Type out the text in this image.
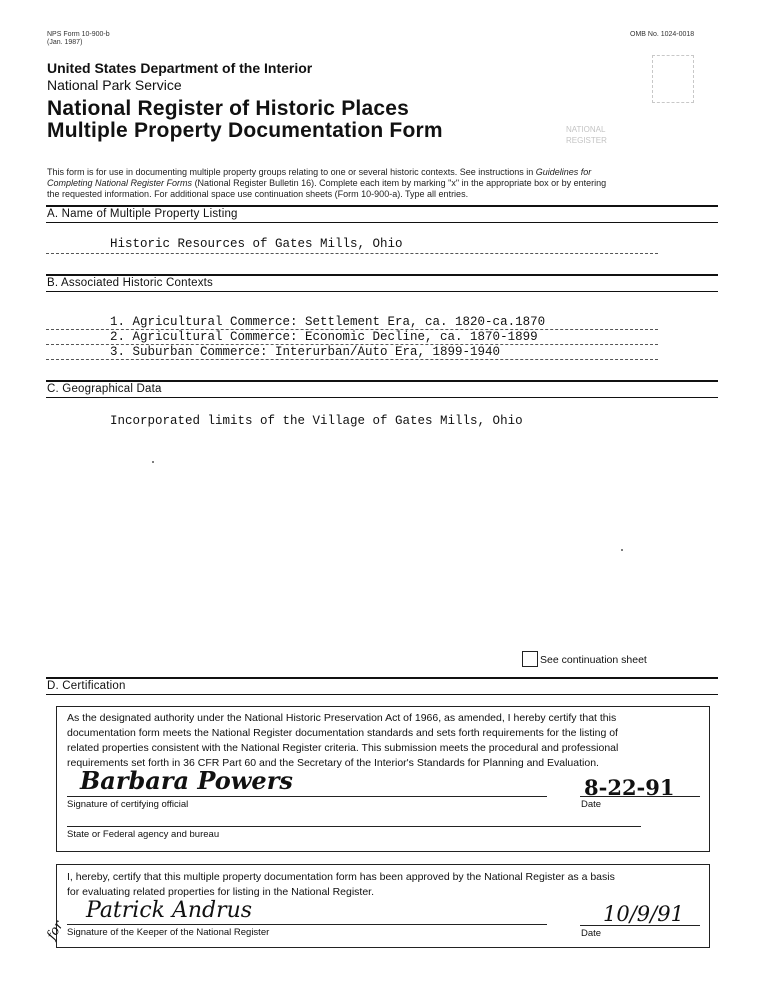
NPS Form 10-900-b
(Jan. 1987)
OMB No. 1024-0018
NATIONAL REGISTER
United States Department of the Interior
National Park Service
National Register of Historic Places
Multiple Property Documentation Form
This form is for use in documenting multiple property groups relating to one or several historic contexts. See instructions in Guidelines for
Completing National Register Forms (National Register Bulletin 16). Complete each item by marking "x" in the appropriate box or by entering
the requested information. For additional space use continuation sheets (Form 10-900-a). Type all entries.
A. Name of Multiple Property Listing
Historic Resources of Gates Mills, Ohio
B. Associated Historic Contexts
1. Agricultural Commerce: Settlement Era, ca. 1820-ca.1870
2. Agricultural Commerce: Economic Decline, ca. 1870-1899
3. Suburban Commerce: Interurban/Auto Era, 1899-1940
C. Geographical Data
Incorporated limits of the Village of Gates Mills, Ohio
See continuation sheet
D. Certification
As the designated authority under the National Historic Preservation Act of 1966, as amended, I hereby certify that this
documentation form meets the National Register documentation standards and sets forth requirements for the listing of
related properties consistent with the National Register criteria. This submission meets the procedural and professional
requirements set forth in 36 CFR Part 60 and the Secretary of the Interior's Standards for Planning and Evaluation.
Barbara Powers
Signature of certifying official
8-22-91
Date
State or Federal agency and bureau
I, hereby, certify that this multiple property documentation form has been approved by the National Register as a basis
for evaluating related properties for listing in the National Register.
Patrick Andrus
for Signature of the Keeper of the National Register
10/9/91
Date
